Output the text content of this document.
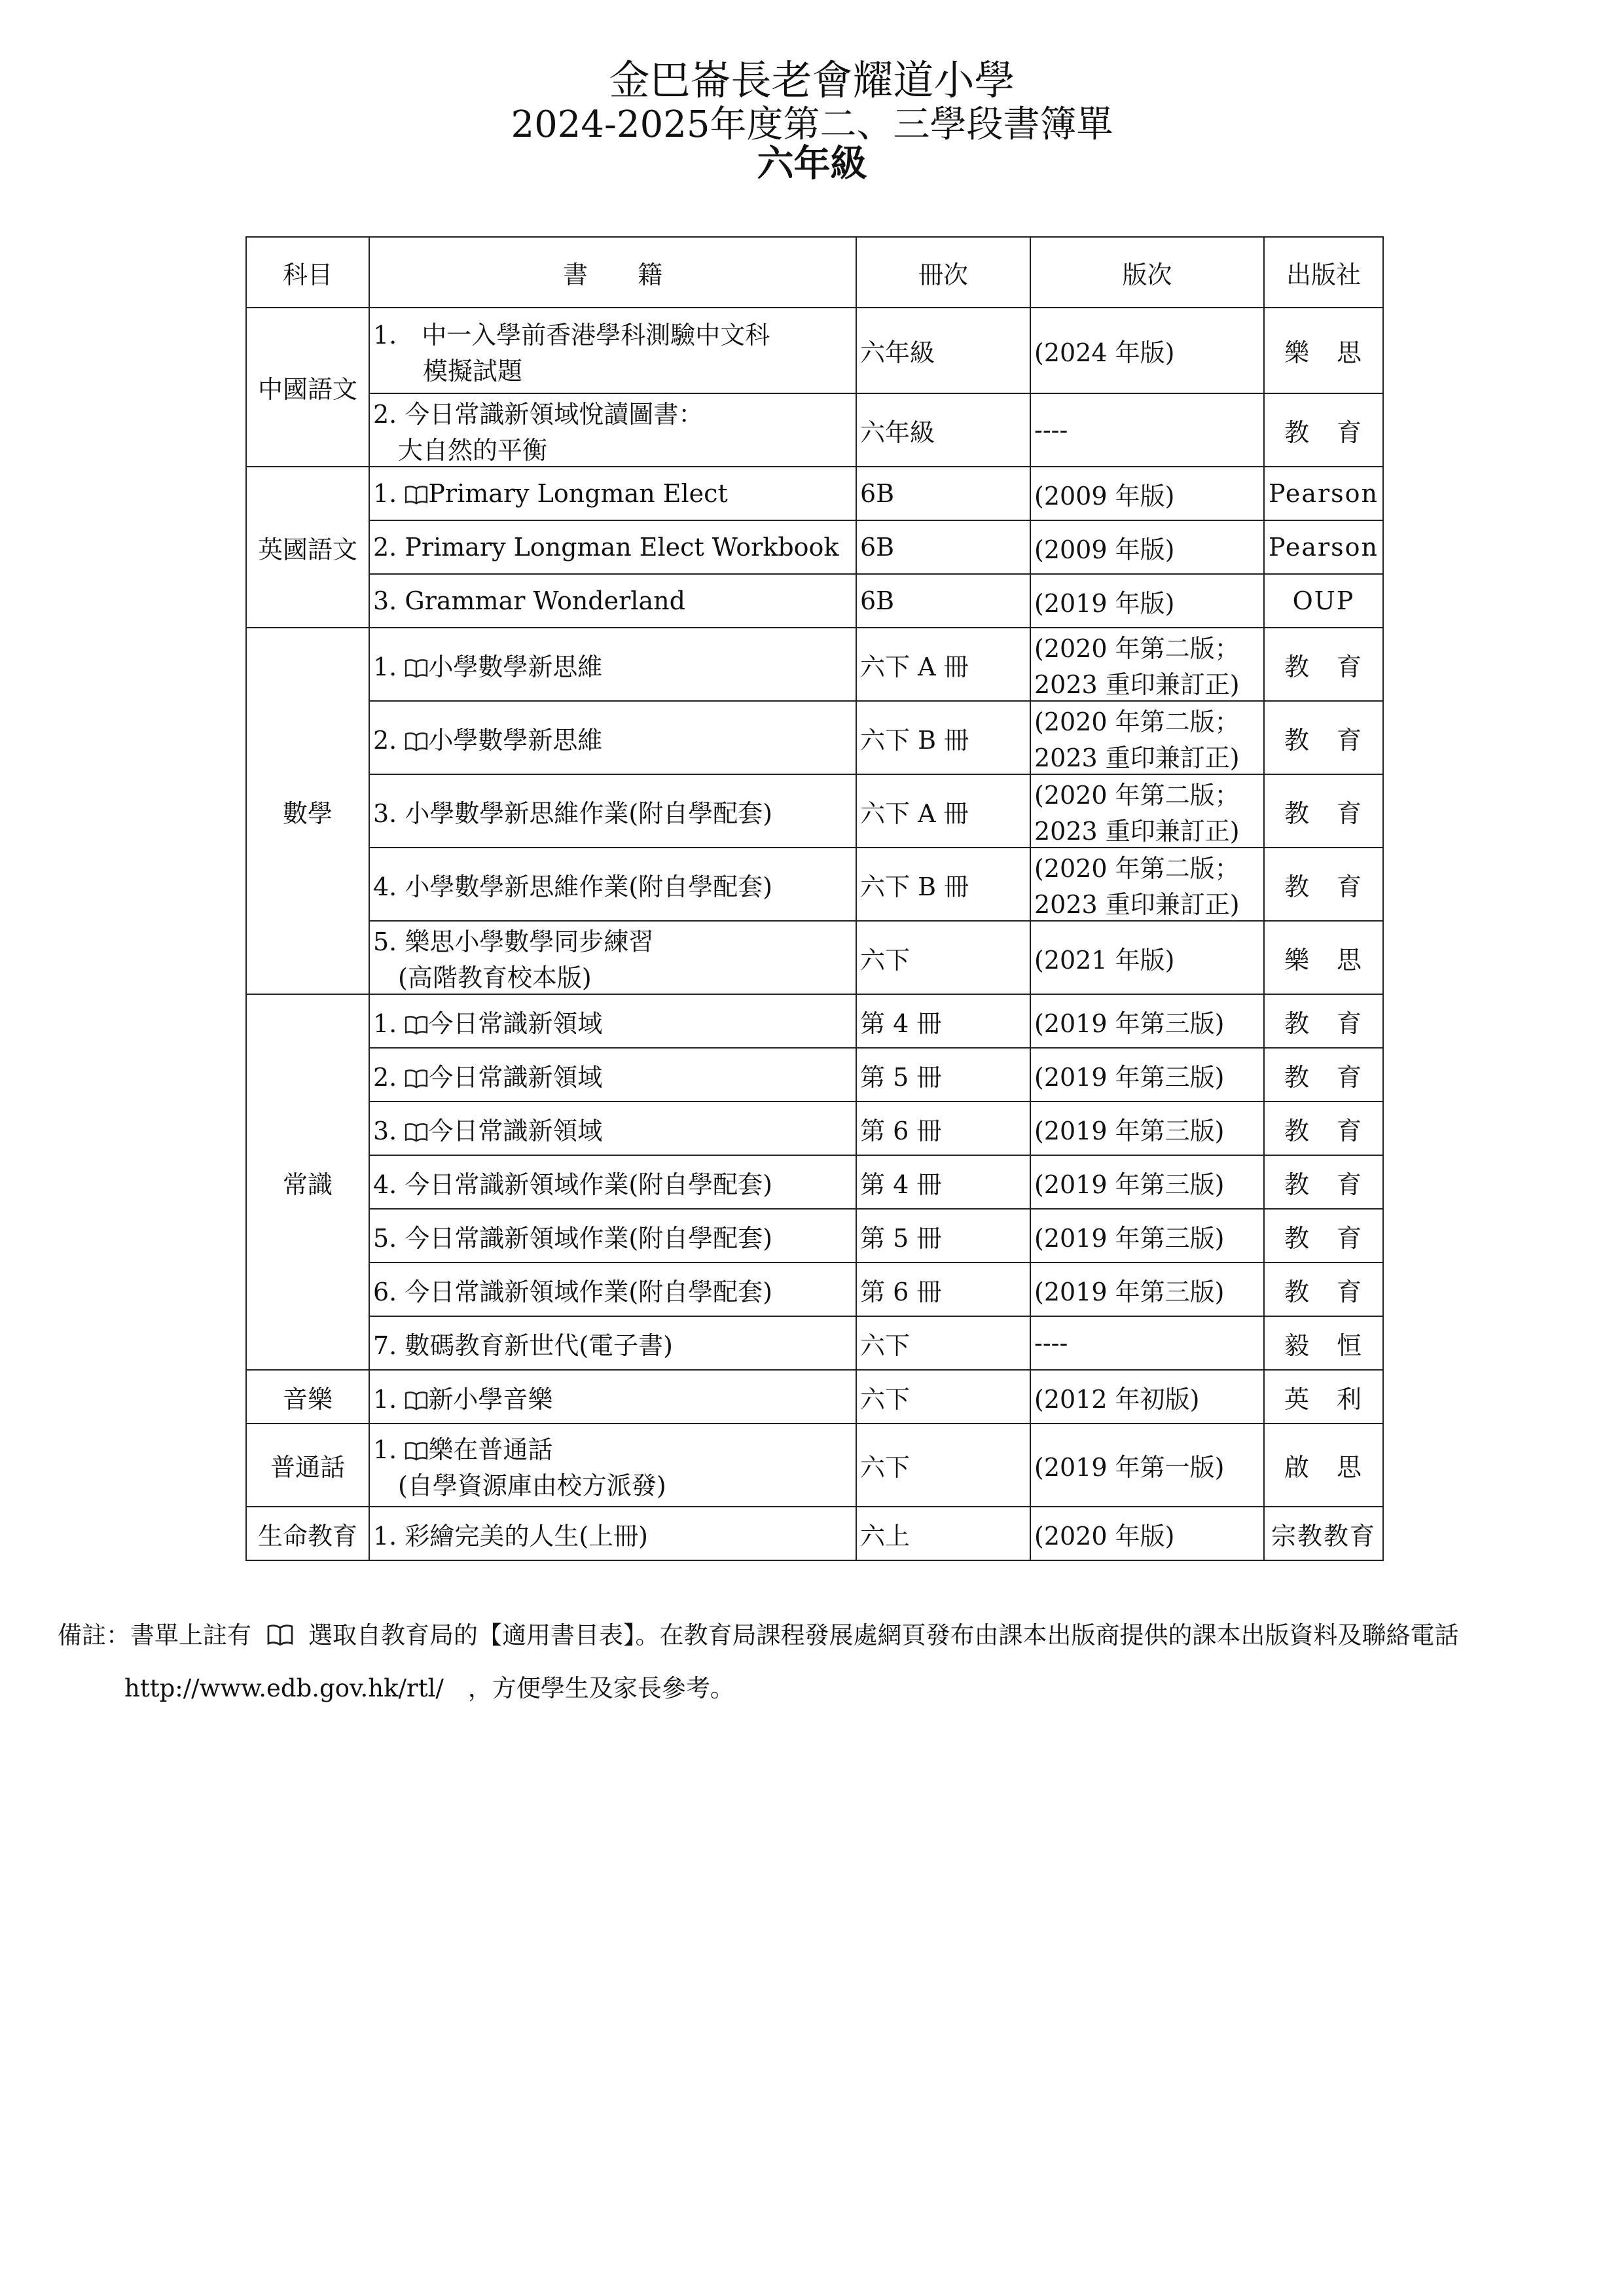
金巴崙長老會耀道小學
2024-2025年度第二、三學段書簿單
六年級
科目	書　　籍	冊次	版次	出版社
中國語文	1.　中一入學前香港學科測驗中文科
　　模擬試題	六年級	(2024 年版)	樂　思
	2. 今日常識新領域悅讀圖書：
　大自然的平衡	六年級	----	教　育
英國語文	1. Primary Longman Elect	6B	(2009 年版)	Pearson
	2. Primary Longman Elect Workbook	6B	(2009 年版)	Pearson
	3. Grammar Wonderland	6B	(2019 年版)	OUP
數學	1. 小學數學新思維	六下 A 冊	(2020 年第二版；
2023 重印兼訂正)	教　育
	2. 小學數學新思維	六下 B 冊	(2020 年第二版；
2023 重印兼訂正)	教　育
	3. 小學數學新思維作業(附自學配套)	六下 A 冊	(2020 年第二版；
2023 重印兼訂正)	教　育
	4. 小學數學新思維作業(附自學配套)	六下 B 冊	(2020 年第二版；
2023 重印兼訂正)	教　育
	5. 樂思小學數學同步練習
　(高階教育校本版)	六下	(2021 年版)	樂　思
常識	1. 今日常識新領域	第 4 冊	(2019 年第三版)	教　育
	2. 今日常識新領域	第 5 冊	(2019 年第三版)	教　育
	3. 今日常識新領域	第 6 冊	(2019 年第三版)	教　育
	4. 今日常識新領域作業(附自學配套)	第 4 冊	(2019 年第三版)	教　育
	5. 今日常識新領域作業(附自學配套)	第 5 冊	(2019 年第三版)	教　育
	6. 今日常識新領域作業(附自學配套)	第 6 冊	(2019 年第三版)	教　育
	7. 數碼教育新世代(電子書)	六下	----	毅　恒
音樂	1. 新小學音樂	六下	(2012 年初版)	英　利
普通話	1. 樂在普通話
　(自學資源庫由校方派發)	六下	(2019 年第一版)	啟　思
生命教育	1. 彩繪完美的人生(上冊)	六上	(2020 年版)	宗教教育
備註：書單上註有 選取自教育局的【適用書目表】。在教育局課程發展處網頁發布由課本出版商提供的課本出版資料及聯絡電話
http://www.edb.gov.hk/rtl/　，方便學生及家長參考。
